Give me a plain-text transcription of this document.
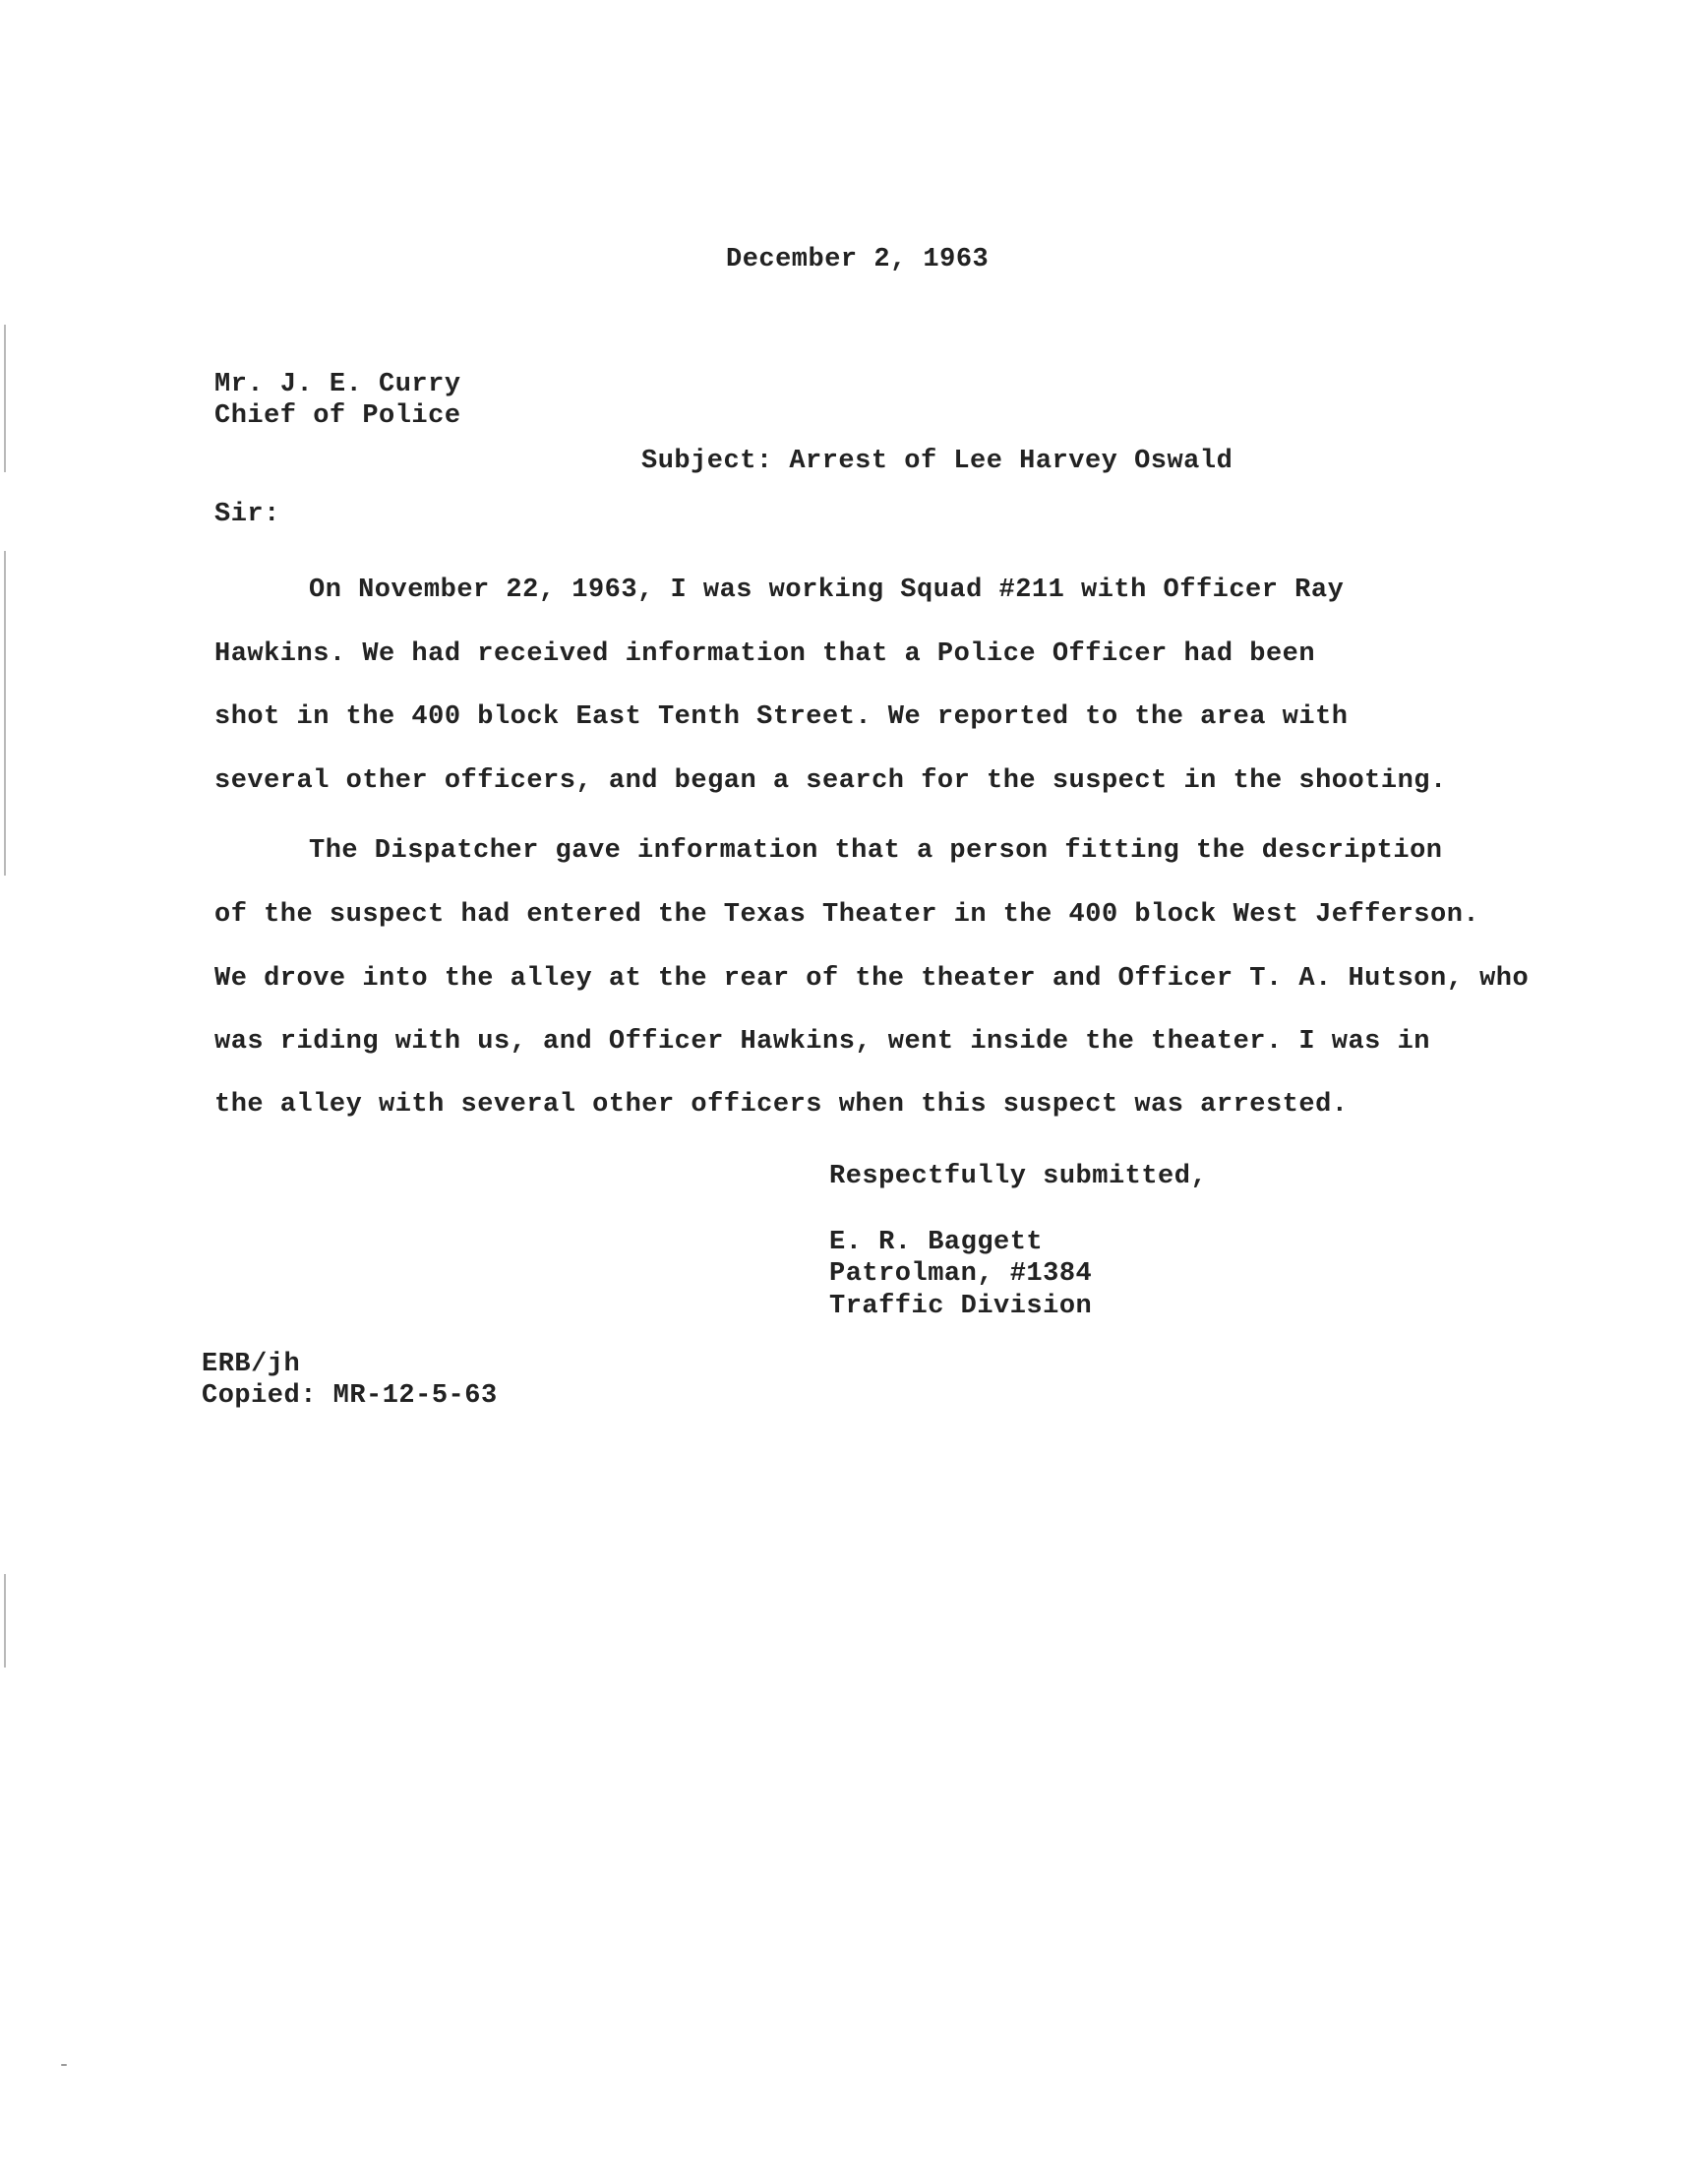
December 2, 1963
Mr. J. E. Curry
Chief of Police
Subject: Arrest of Lee Harvey Oswald
Sir:
On November 22, 1963, I was working Squad #211 with Officer Ray
Hawkins. We had received information that a Police Officer had been
shot in the 400 block East Tenth Street. We reported to the area with
several other officers, and began a search for the suspect in the shooting.
The Dispatcher gave information that a person fitting the description
of the suspect had entered the Texas Theater in the 400 block West Jefferson.
We drove into the alley at the rear of the theater and Officer T. A. Hutson, who
was riding with us, and Officer Hawkins, went inside the theater. I was in
the alley with several other officers when this suspect was arrested.
Respectfully submitted,
E. R. Baggett
Patrolman, #1384
Traffic Division
ERB/jh
Copied: MR-12-5-63
